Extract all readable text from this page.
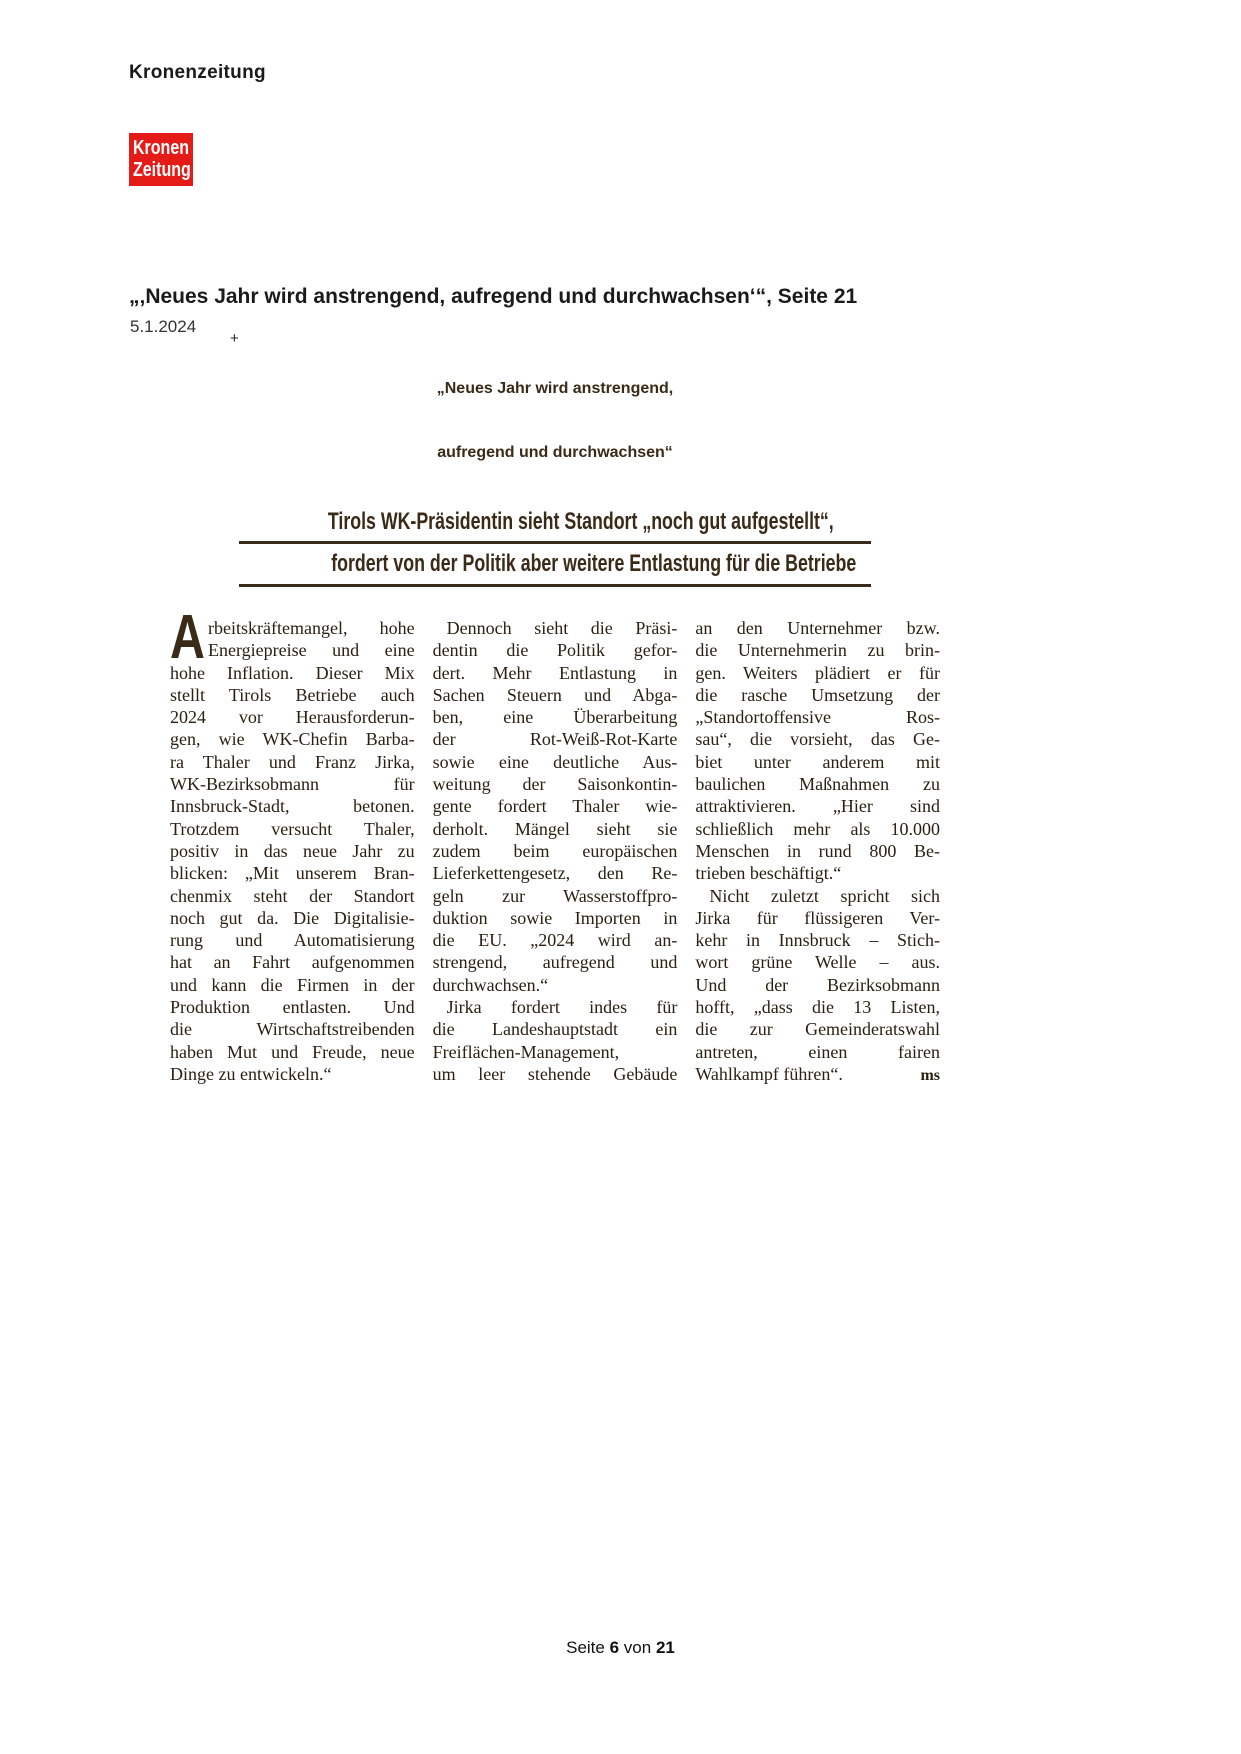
Kronenzeitung
Kronen
Zeitung
„‚Neues Jahr wird anstrengend, aufregend und durchwachsen‘“, Seite 21
5.1.2024
+
„Neues Jahr wird anstrengend,
aufregend und durchwachsen“
Tirols WK-Präsidentin sieht Standort „noch gut aufgestellt“,
fordert von der Politik aber weitere Entlastung für die Betriebe
A rbeitskräftemangel, hohe
Energiepreise und eine
hohe Inflation. Dieser Mix
stellt Tirols Betriebe auch
2024 vor Herausforderun-
gen, wie WK-Chefin Barba-
ra Thaler und Franz Jirka,
WK-Bezirksobmann für
Innsbruck-Stadt, betonen.
Trotzdem versucht Thaler,
positiv in das neue Jahr zu
blicken: „Mit unserem Bran-
chenmix steht der Standort
noch gut da. Die Digitalisie-
rung und Automatisierung
hat an Fahrt aufgenommen
und kann die Firmen in der
Produktion entlasten. Und
die Wirtschaftstreibenden
haben Mut und Freude, neue
Dinge zu entwickeln.“
Dennoch sieht die Präsi-
dentin die Politik gefor-
dert. Mehr Entlastung in
Sachen Steuern und Abga-
ben, eine Überarbeitung
der Rot-Weiß-Rot-Karte
sowie eine deutliche Aus-
weitung der Saisonkontin-
gente fordert Thaler wie-
derholt. Mängel sieht sie
zudem beim europäischen
Lieferkettengesetz, den Re-
geln zur Wasserstoffpro-
duktion sowie Importen in
die EU. „2024 wird an-
strengend, aufregend und
durchwachsen.“
Jirka fordert indes für
die Landeshauptstadt ein
Freiflächen-Management,
um leer stehende Gebäude
an den Unternehmer bzw.
die Unternehmerin zu brin-
gen. Weiters plädiert er für
die rasche Umsetzung der
„Standortoffensive Ros-
sau“, die vorsieht, das Ge-
biet unter anderem mit
baulichen Maßnahmen zu
attraktivieren. „Hier sind
schließlich mehr als 10.000
Menschen in rund 800 Be-
trieben beschäftigt.“
Nicht zuletzt spricht sich
Jirka für flüssigeren Ver-
kehr in Innsbruck – Stich-
wort grüne Welle – aus.
Und der Bezirksobmann
hofft, „dass die 13 Listen,
die zur Gemeinderatswahl
antreten, einen fairen
Wahlkampf führen“.	ms
Seite 6 von 21
